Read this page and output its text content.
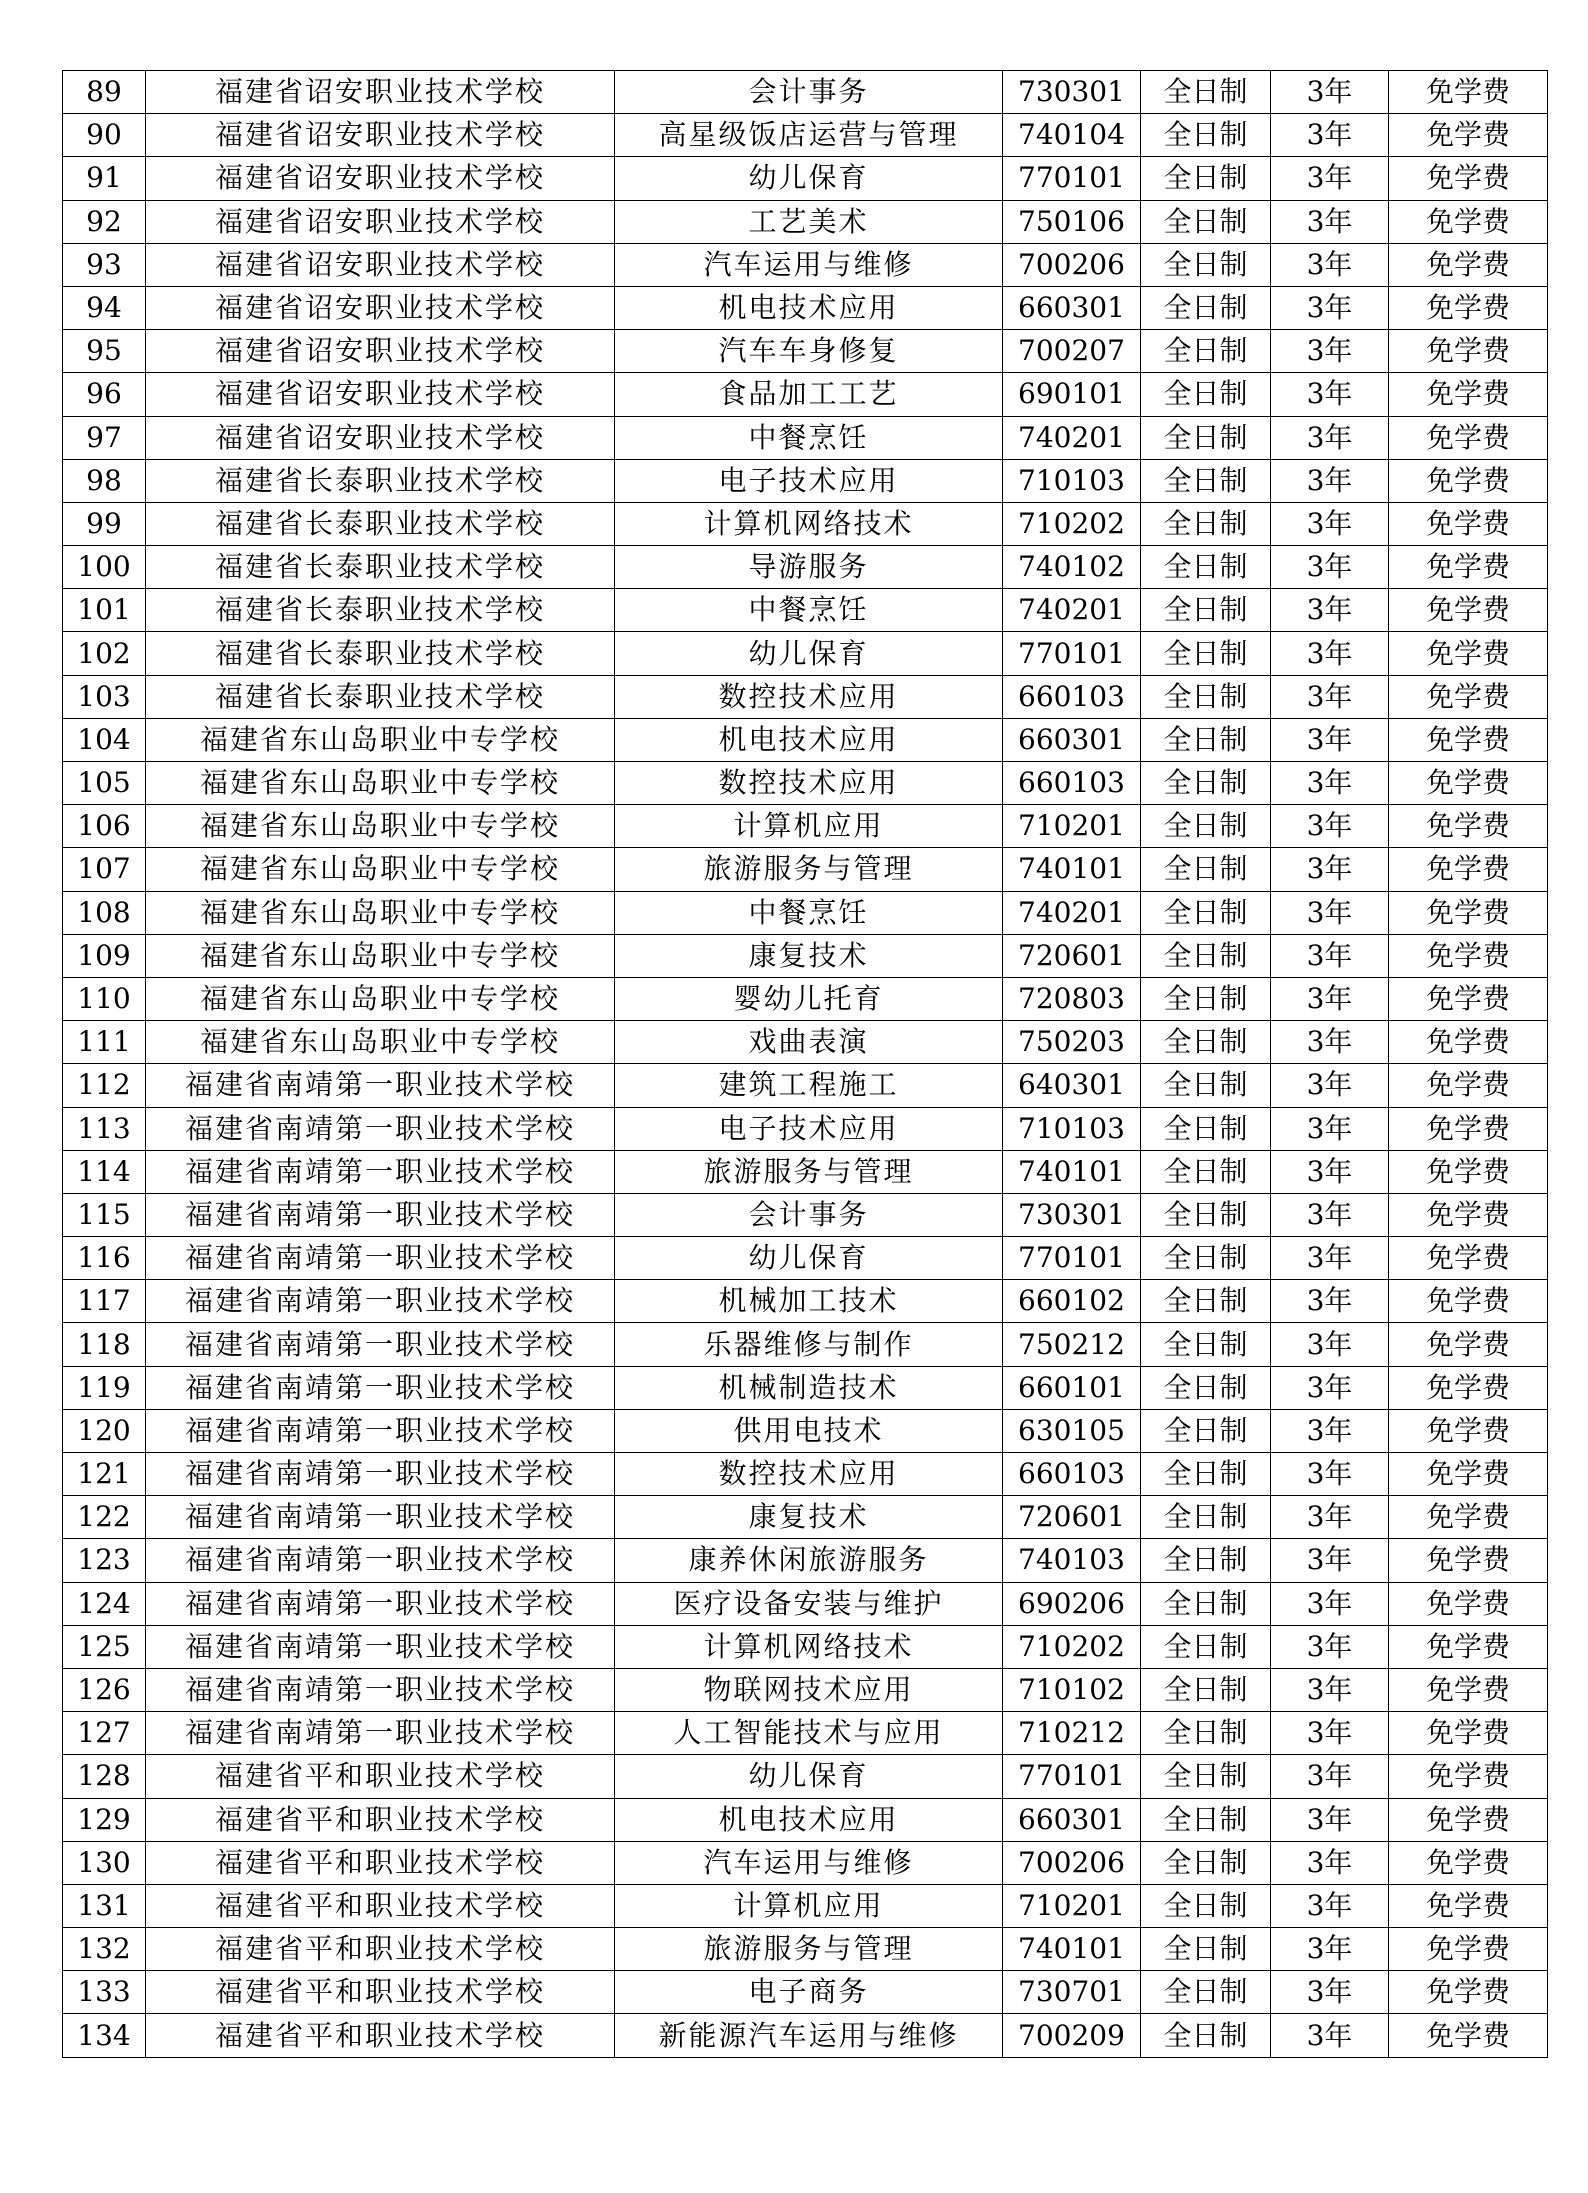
89	福建省诏安职业技术学校	会计事务	730301	全日制	3年	免学费
90	福建省诏安职业技术学校	高星级饭店运营与管理	740104	全日制	3年	免学费
91	福建省诏安职业技术学校	幼儿保育	770101	全日制	3年	免学费
92	福建省诏安职业技术学校	工艺美术	750106	全日制	3年	免学费
93	福建省诏安职业技术学校	汽车运用与维修	700206	全日制	3年	免学费
94	福建省诏安职业技术学校	机电技术应用	660301	全日制	3年	免学费
95	福建省诏安职业技术学校	汽车车身修复	700207	全日制	3年	免学费
96	福建省诏安职业技术学校	食品加工工艺	690101	全日制	3年	免学费
97	福建省诏安职业技术学校	中餐烹饪	740201	全日制	3年	免学费
98	福建省长泰职业技术学校	电子技术应用	710103	全日制	3年	免学费
99	福建省长泰职业技术学校	计算机网络技术	710202	全日制	3年	免学费
100	福建省长泰职业技术学校	导游服务	740102	全日制	3年	免学费
101	福建省长泰职业技术学校	中餐烹饪	740201	全日制	3年	免学费
102	福建省长泰职业技术学校	幼儿保育	770101	全日制	3年	免学费
103	福建省长泰职业技术学校	数控技术应用	660103	全日制	3年	免学费
104	福建省东山岛职业中专学校	机电技术应用	660301	全日制	3年	免学费
105	福建省东山岛职业中专学校	数控技术应用	660103	全日制	3年	免学费
106	福建省东山岛职业中专学校	计算机应用	710201	全日制	3年	免学费
107	福建省东山岛职业中专学校	旅游服务与管理	740101	全日制	3年	免学费
108	福建省东山岛职业中专学校	中餐烹饪	740201	全日制	3年	免学费
109	福建省东山岛职业中专学校	康复技术	720601	全日制	3年	免学费
110	福建省东山岛职业中专学校	婴幼儿托育	720803	全日制	3年	免学费
111	福建省东山岛职业中专学校	戏曲表演	750203	全日制	3年	免学费
112	福建省南靖第一职业技术学校	建筑工程施工	640301	全日制	3年	免学费
113	福建省南靖第一职业技术学校	电子技术应用	710103	全日制	3年	免学费
114	福建省南靖第一职业技术学校	旅游服务与管理	740101	全日制	3年	免学费
115	福建省南靖第一职业技术学校	会计事务	730301	全日制	3年	免学费
116	福建省南靖第一职业技术学校	幼儿保育	770101	全日制	3年	免学费
117	福建省南靖第一职业技术学校	机械加工技术	660102	全日制	3年	免学费
118	福建省南靖第一职业技术学校	乐器维修与制作	750212	全日制	3年	免学费
119	福建省南靖第一职业技术学校	机械制造技术	660101	全日制	3年	免学费
120	福建省南靖第一职业技术学校	供用电技术	630105	全日制	3年	免学费
121	福建省南靖第一职业技术学校	数控技术应用	660103	全日制	3年	免学费
122	福建省南靖第一职业技术学校	康复技术	720601	全日制	3年	免学费
123	福建省南靖第一职业技术学校	康养休闲旅游服务	740103	全日制	3年	免学费
124	福建省南靖第一职业技术学校	医疗设备安装与维护	690206	全日制	3年	免学费
125	福建省南靖第一职业技术学校	计算机网络技术	710202	全日制	3年	免学费
126	福建省南靖第一职业技术学校	物联网技术应用	710102	全日制	3年	免学费
127	福建省南靖第一职业技术学校	人工智能技术与应用	710212	全日制	3年	免学费
128	福建省平和职业技术学校	幼儿保育	770101	全日制	3年	免学费
129	福建省平和职业技术学校	机电技术应用	660301	全日制	3年	免学费
130	福建省平和职业技术学校	汽车运用与维修	700206	全日制	3年	免学费
131	福建省平和职业技术学校	计算机应用	710201	全日制	3年	免学费
132	福建省平和职业技术学校	旅游服务与管理	740101	全日制	3年	免学费
133	福建省平和职业技术学校	电子商务	730701	全日制	3年	免学费
134	福建省平和职业技术学校	新能源汽车运用与维修	700209	全日制	3年	免学费
